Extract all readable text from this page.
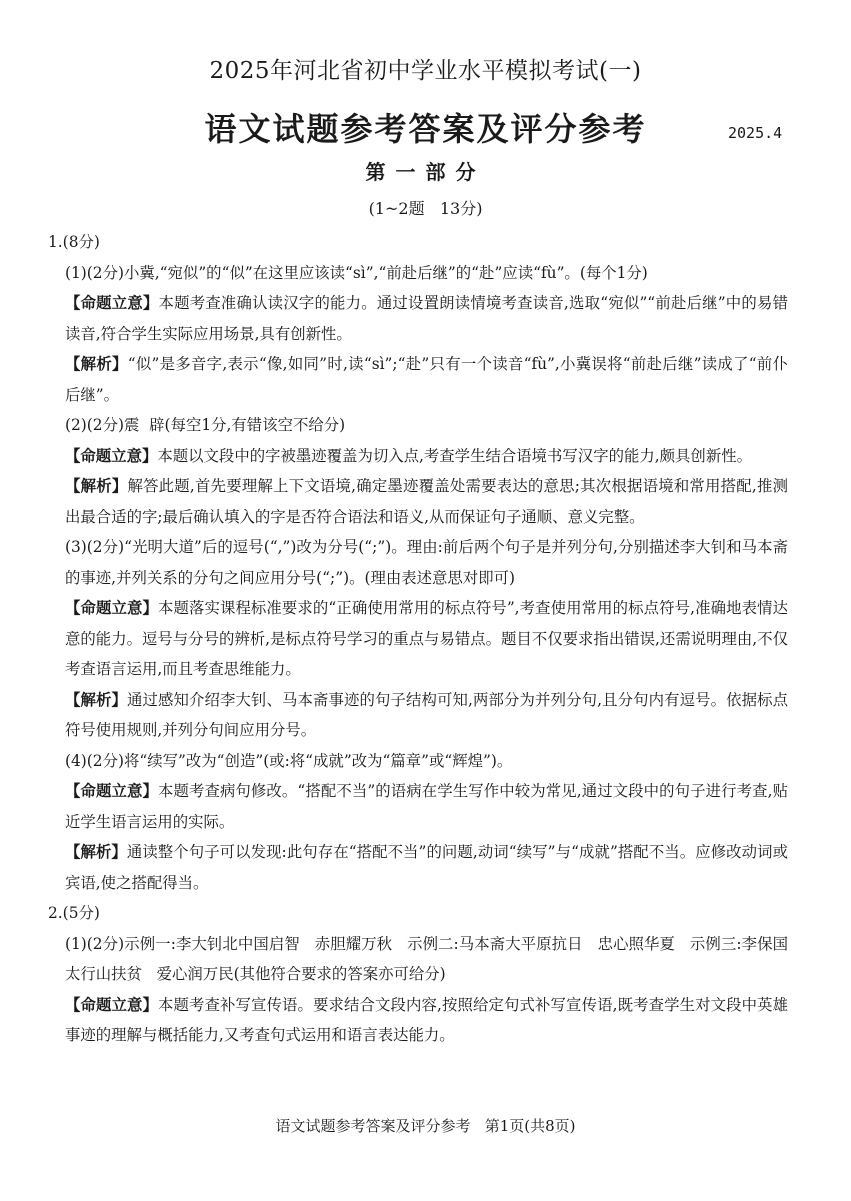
2025年河北省初中学业水平模拟考试(一)
语文试题参考答案及评分参考	2025.4
第一部分
(1~2题   13分)

1.(8分)

(1)(2分)小冀,“宛似”的“似”在这里应该读“sì”,“前赴后继”的“赴”应读“fù”。(每个1分)

【命题立意】本题考查准确认读汉字的能力。通过设置朗读情境考查读音,选取“宛似”“前赴后继”中的易错读音,符合学生实际应用场景,具有创新性。

【解析】“似”是多音字,表示“像,如同”时,读“sì”;“赴”只有一个读音“fù”,小冀误将“前赴后继”读成了“前仆后继”。

(2)(2分)震  辟(每空1分,有错该空不给分)

【命题立意】本题以文段中的字被墨迹覆盖为切入点,考查学生结合语境书写汉字的能力,颇具创新性。

【解析】解答此题,首先要理解上下文语境,确定墨迹覆盖处需要表达的意思;其次根据语境和常用搭配,推测出最合适的字;最后确认填入的字是否符合语法和语义,从而保证句子通顺、意义完整。

(3)(2分)“光明大道”后的逗号(“,”)改为分号(“;”)。理由:前后两个句子是并列分句,分别描述李大钊和马本斋的事迹,并列关系的分句之间应用分号(“;”)。(理由表述意思对即可)

【命题立意】本题落实课程标准要求的“正确使用常用的标点符号”,考查使用常用的标点符号,准确地表情达意的能力。逗号与分号的辨析,是标点符号学习的重点与易错点。题目不仅要求指出错误,还需说明理由,不仅考查语言运用,而且考查思维能力。

【解析】通过感知介绍李大钊、马本斋事迹的句子结构可知,两部分为并列分句,且分句内有逗号。依据标点符号使用规则,并列分句间应用分号。

(4)(2分)将“续写”改为“创造”(或:将“成就”改为“篇章”或“辉煌”)。

【命题立意】本题考查病句修改。“搭配不当”的语病在学生写作中较为常见,通过文段中的句子进行考查,贴近学生语言运用的实际。

【解析】通读整个句子可以发现:此句存在“搭配不当”的问题,动词“续写”与“成就”搭配不当。应修改动词或宾语,使之搭配得当。

2.(5分)

(1)(2分)示例一:李大钊北中国启智   赤胆耀万秋   示例二:马本斋大平原抗日   忠心照华夏   示例三:李保国太行山扶贫   爱心润万民(其他符合要求的答案亦可给分)

【命题立意】本题考查补写宣传语。要求结合文段内容,按照给定句式补写宣传语,既考查学生对文段中英雄事迹的理解与概括能力,又考查句式运用和语言表达能力。

语文试题参考答案及评分参考   第1页(共8页)
